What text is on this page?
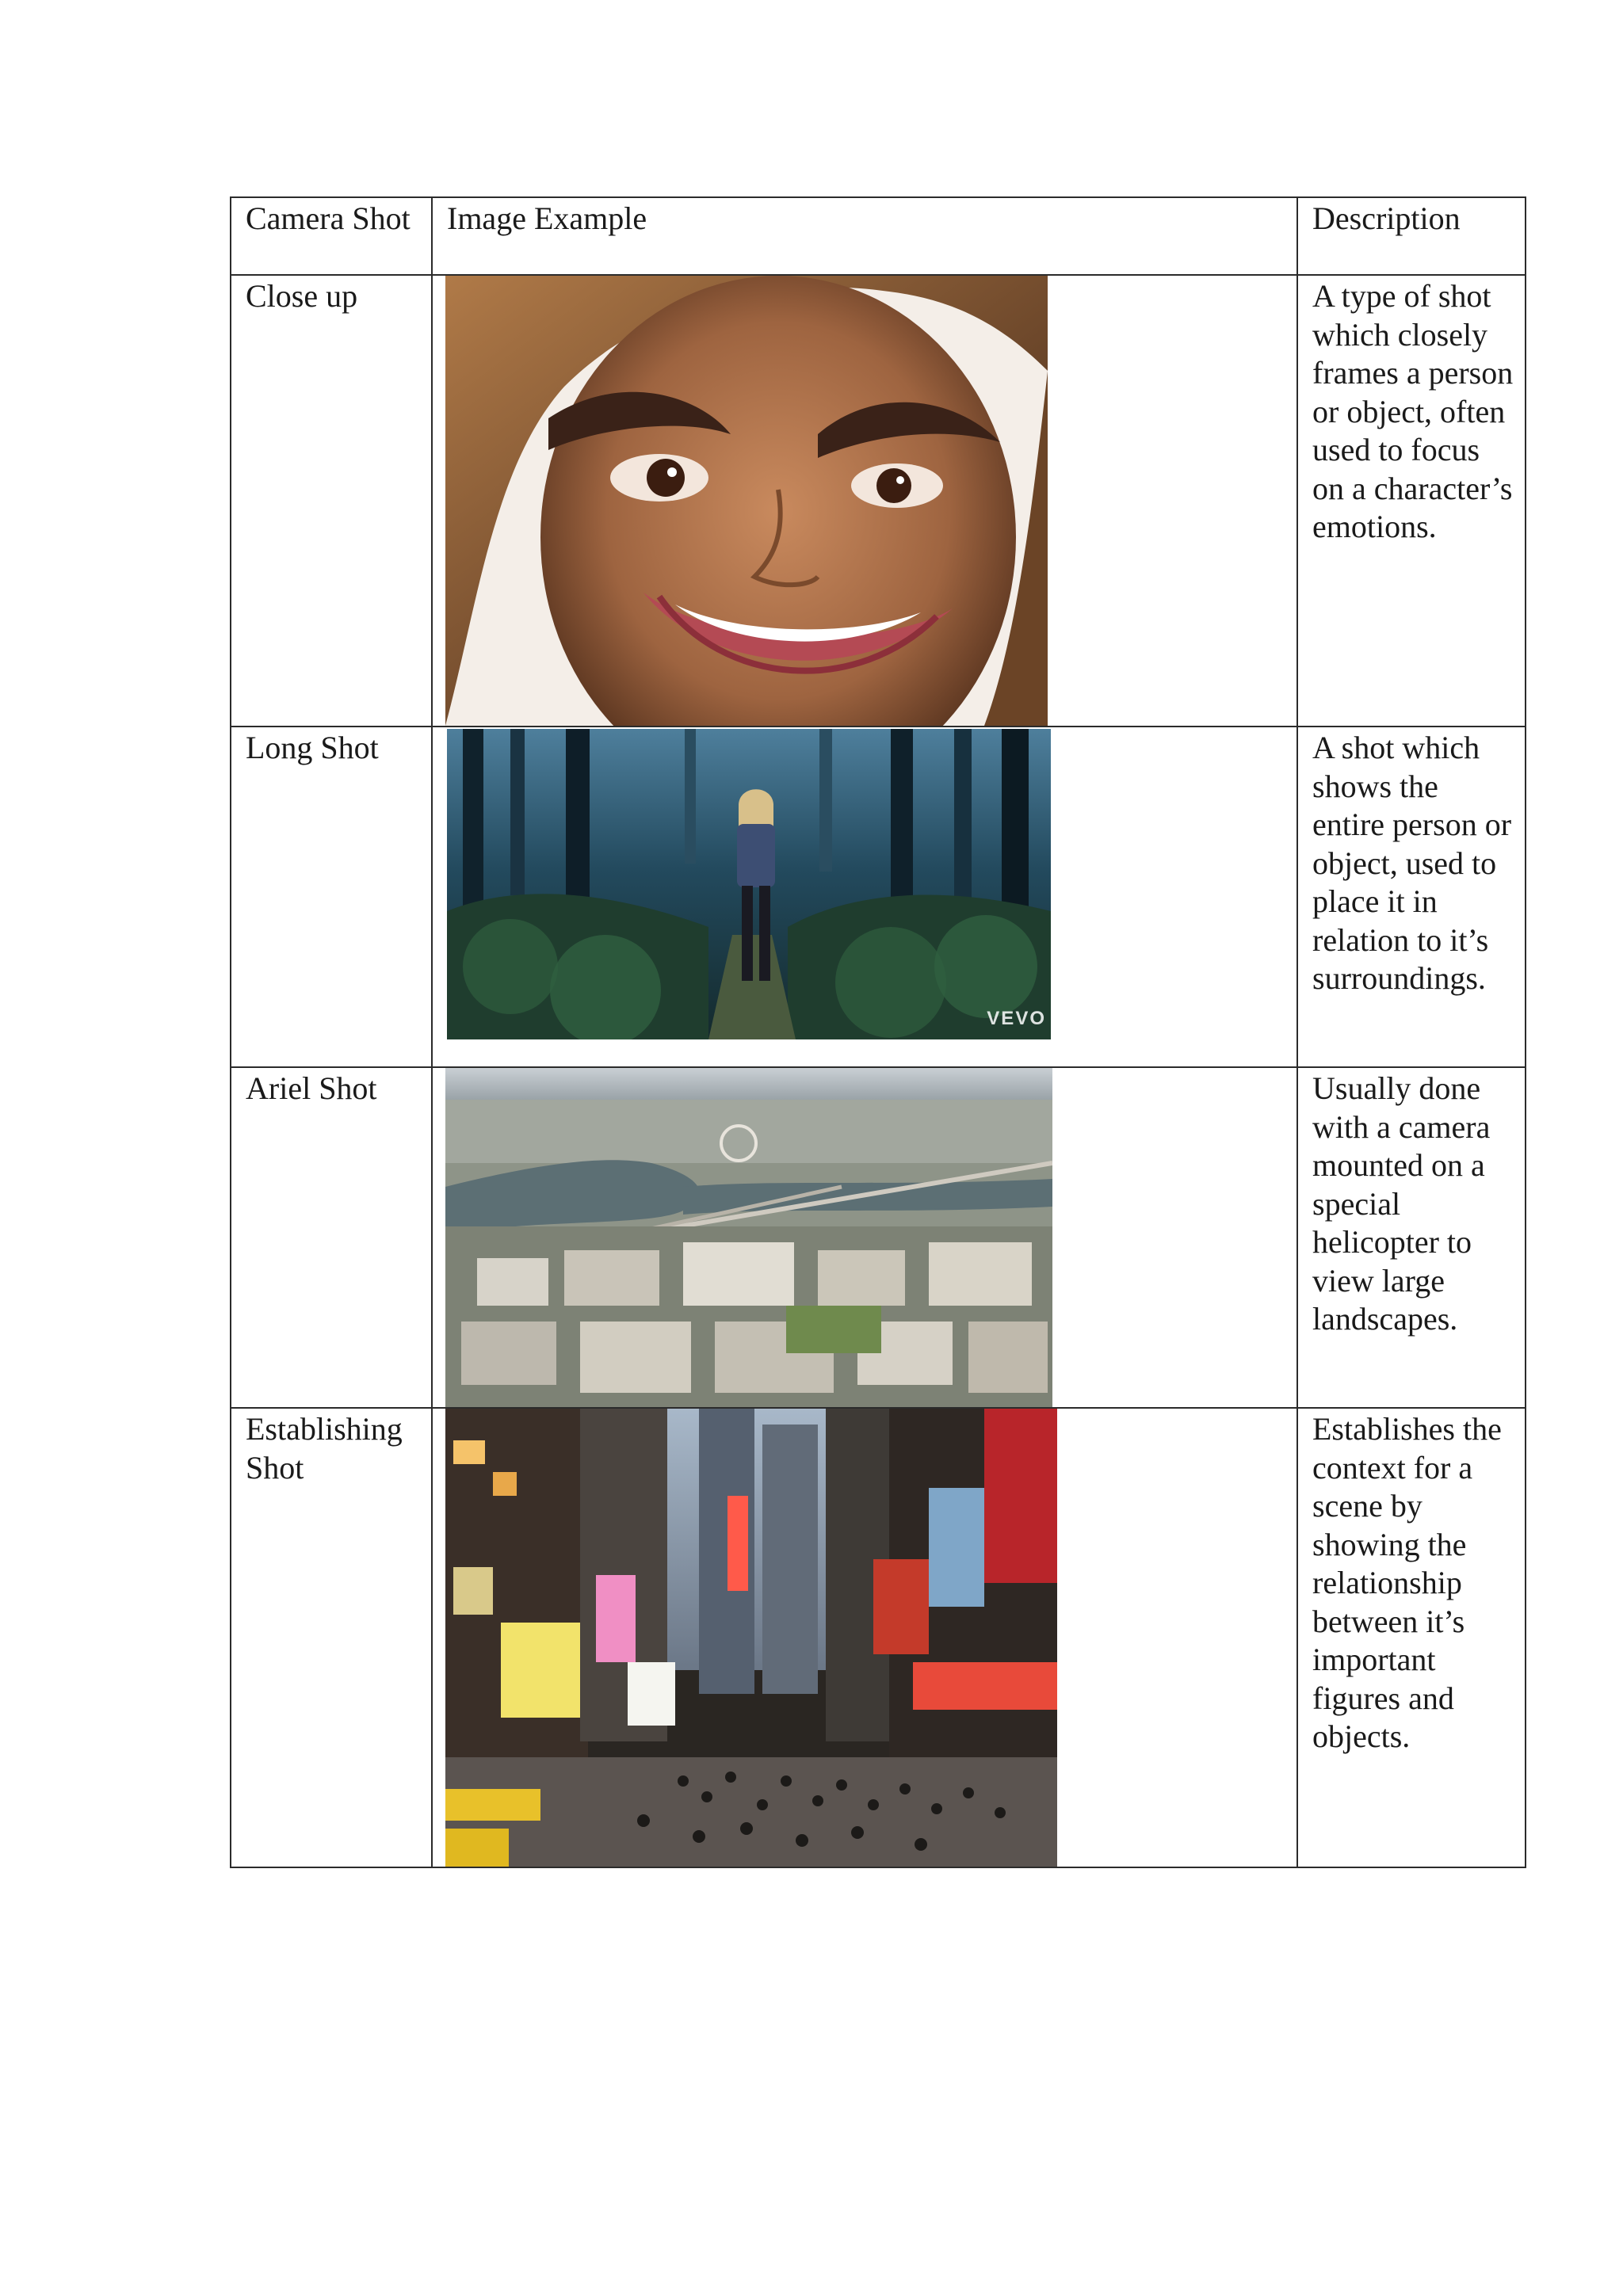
Camera Shot	Image Example	Description

Close up		A type of shot which closely frames a person or object, often used to focus on a character’s emotions.

Long Shot	VEVO	A shot which shows the entire person or object, used to place it in relation to it’s surroundings.

Ariel Shot		Usually done with a camera mounted on a special helicopter to view large landscapes.

Establishing Shot		Establishes the context for a scene by showing the relationship between it’s important figures and objects.
